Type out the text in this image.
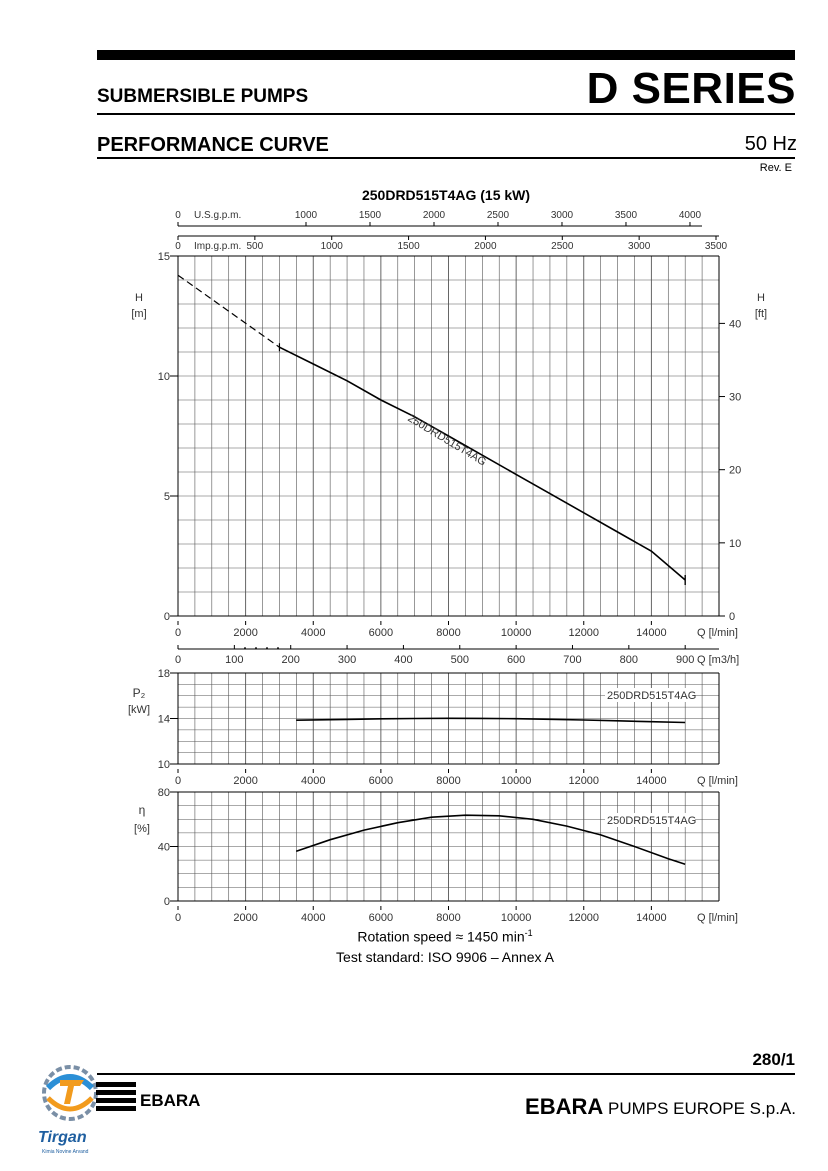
SUBMERSIBLE PUMPS	D SERIES
PERFORMANCE CURVE	50 Hz
Rev. E
250DRD515T4AG (15 kW)
0	1000	1500	2000	2500	3000	3500	4000
U.S.g.p.m.
0	500	1000	1500	2000	2500	3000	3500
Imp.g.p.m.
0
5
10
15
0
10
20
30
40
H
[m]
H
[ft]
0	2000	4000	6000	8000	10000	12000	14000	Q [l/min]
250DRD515T4AG
0	100	200	300	400	500	600	700	800	900 Q [m3/h]
10
14
18
P₂
[kW]
0	2000	4000	6000	8000	10000	12000	14000	Q [l/min]
250DRD515T4AG
0
40
80
η
[%]
0	2000	4000	6000	8000	10000	12000	14000	Q [l/min]
250DRD515T4AG
Rotation speed ≈ 1450 $\min^{-1}$
Test standard: ISO 9906 – Annex A
280/1
EBARA PUMPS EUROPE S.p.A.
Tirgan
Kimia Novine Arvand
EBARA
